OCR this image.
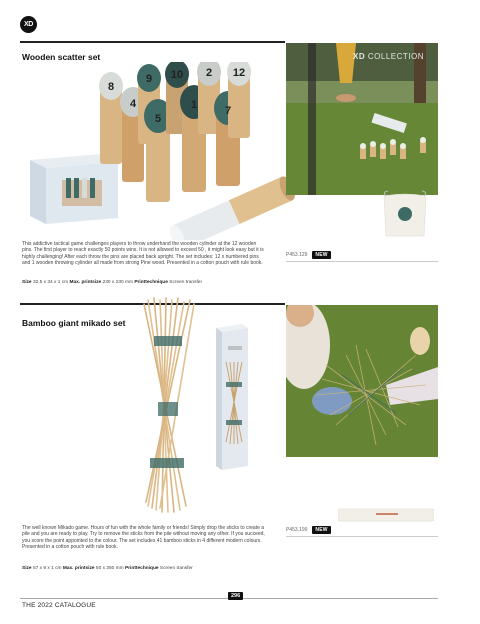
XD
Wooden scatter set
8
4
9
5
10
1
2
7
12
XD COLLECTION
This addictive tactical game challenges players to throw underhand the wooden cylinder at the 12 wooden pins. The first player to reach exactly 50 points wins. It is not allowed to exceed 50 , it might look easy but it is highly challenging! After each throw the pins are placed back upright. The set includes: 12 x numbered pins and 1 wooden throwing cylinder all made from strong Pine wood. Presented in a cotton pouch with rule book.
P453.129	NEW
Size 32,5 x 34 x 1 cm Max. printsize 230 x 230 mm Printtechnique Screen transfer
Bamboo giant mikado set
The well known Mikado game. Hours of fun with the whole family or friends! Simply drop the sticks to create a pile and you are ready to play. Try to remove the sticks from the pile without moving any other. If you succeed, you score the point appointed to the colour. The set includes 41 bamboo sticks in 4 different modern colours. Presented in a cotton pouch with rule book.
P453.199	NEW
Size 57 x 9 x 1 cm Max. printsize 50 x 350 mm Printtechnique Screen transfer
296
THE 2022 CATALOGUE
